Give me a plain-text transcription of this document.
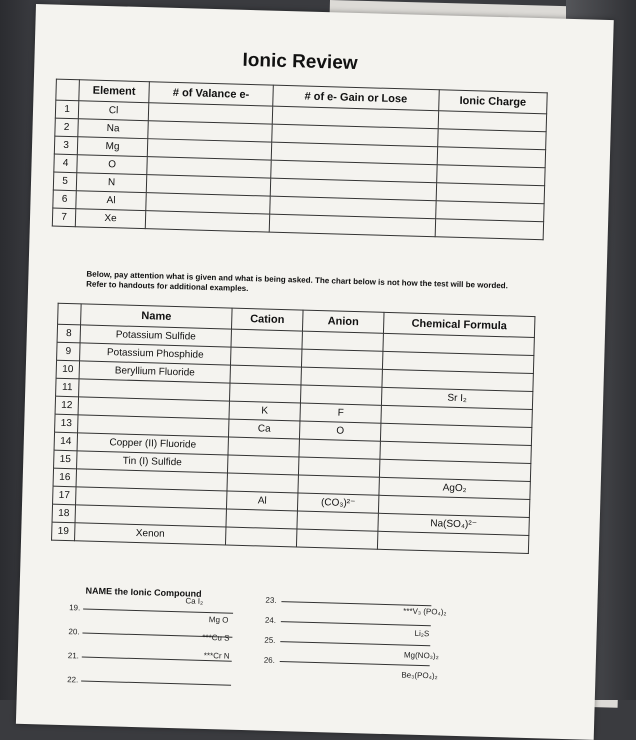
Ionic Review
	Element	# of Valance e-	# of e- Gain or Lose	Ionic Charge
1	Cl			
2	Na			
3	Mg			
4	O			
5	N			
6	Al			
7	Xe			
Below, pay attention what is given and what is being asked. The chart below is not how the test will be worded. Refer to handouts for additional examples.
	Name	Cation	Anion	Chemical Formula
8	Potassium Sulfide			
9	Potassium Phosphide			
10	Beryllium Fluoride			
11				Sr I₂
12		K	F	
13		Ca	O	
14	Copper (II) Fluoride			
15	Tin (I) Sulfide			
16				AgO₂
17		Al	(CO₃)²⁻	
18				Na(SO₄)²⁻
19	Xenon			
NAME the Ionic Compound
19.
Ca I₂
20.
Mg O
21.
***Cu S
22.
***Cr N
23.
***V₃ (PO₄)₂
24.
Li₂S
25.
Mg(NO₃)₂
26.
Be₃(PO₄)₂
